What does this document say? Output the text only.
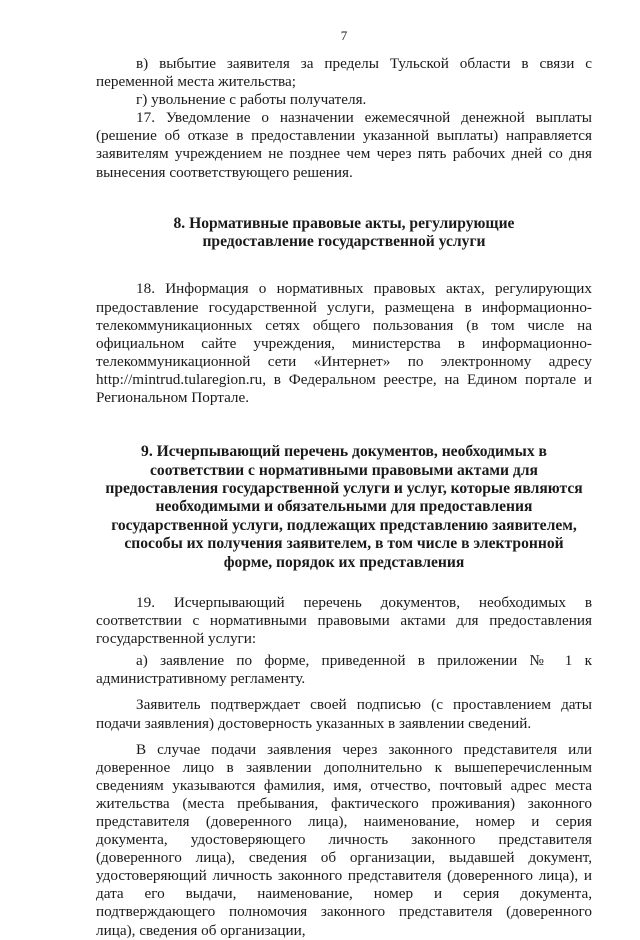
7

в) выбытие заявителя за пределы Тульской области в связи с переменной места жительства;

г) увольнение с работы получателя.

17. Уведомление о назначении ежемесячной денежной выплаты (решение об отказе в предоставлении указанной выплаты) направляется заявителям учреждением не позднее чем через пять рабочих дней со дня вынесения соответствующего решения.

8. Нормативные правовые акты, регулирующие предоставление государственной услуги

18. Информация о нормативных правовых актах, регулирующих предоставление государственной услуги, размещена в информационно-телекоммуникационных сетях общего пользования (в том числе на официальном сайте учреждения, министерства в информационно-телекоммуникационной сети «Интернет» по электронному адресу http://mintrud.tularegion.ru, в Федеральном реестре, на Едином портале и Региональном Портале.

9. Исчерпывающий перечень документов, необходимых в соответствии с нормативными правовыми актами для предоставления государственной услуги и услуг, которые являются необходимыми и обязательными для предоставления государственной услуги, подлежащих представлению заявителем, способы их получения заявителем, в том числе в электронной форме, порядок их представления

19. Исчерпывающий перечень документов, необходимых в соответствии с нормативными правовыми актами для предоставления государственной услуги:

а) заявление по форме, приведенной в приложении № 1 к административному регламенту.

Заявитель подтверждает своей подписью (с проставлением даты подачи заявления) достоверность указанных в заявлении сведений.

В случае подачи заявления через законного представителя или доверенное лицо в заявлении дополнительно к вышеперечисленным сведениям указываются фамилия, имя, отчество, почтовый адрес места жительства (места пребывания, фактического проживания) законного представителя (доверенного лица), наименование, номер и серия документа, удостоверяющего личность законного представителя (доверенного лица), сведения об организации, выдавшей документ, удостоверяющий личность законного представителя (доверенного лица), и дата его выдачи, наименование, номер и серия документа, подтверждающего полномочия законного представителя (доверенного лица), сведения об организации,
